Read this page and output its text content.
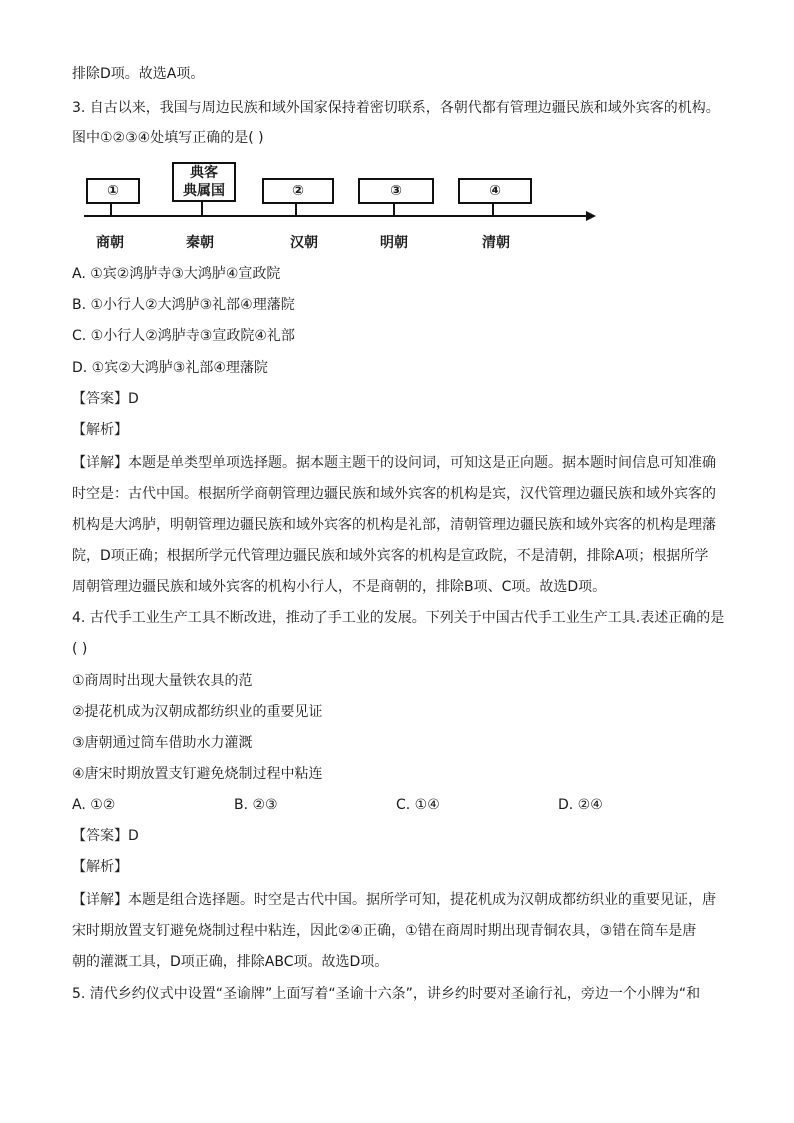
排除D项。故选A项。
3. 自古以来，我国与周边民族和域外国家保持着密切联系，各朝代都有管理边疆民族和域外宾客的机构。
图中①②③④处填写正确的是( )
①
典客
典属国	②	③	④
商朝	秦朝	汉朝	明朝	清朝
A. ①宾②鸿胪寺③大鸿胪④宣政院
B. ①小行人②大鸿胪③礼部④理藩院
C. ①小行人②鸿胪寺③宣政院④礼部
D. ①宾②大鸿胪③礼部④理藩院
【答案】D
【解析】
【详解】本题是单类型单项选择题。据本题主题干的设问词，可知这是正向题。据本题时间信息可知准确
时空是：古代中国。根据所学商朝管理边疆民族和域外宾客的机构是宾，汉代管理边疆民族和域外宾客的
机构是大鸿胪，明朝管理边疆民族和域外宾客的机构是礼部，清朝管理边疆民族和域外宾客的机构是理藩
院，D项正确；根据所学元代管理边疆民族和域外宾客的机构是宣政院，不是清朝，排除A项；根据所学
周朝管理边疆民族和域外宾客的机构小行人，不是商朝的，排除B项、C项。故选D项。
4. 古代手工业生产工具不断改进，推动了手工业的发展。下列关于中国古代手工业生产工具.表述正确的是
( )
①商周时出现大量铁农具的范
②提花机成为汉朝成都纺织业的重要见证
③唐朝通过筒车借助水力灌溉
④唐宋时期放置支钉避免烧制过程中粘连
A. ①②	B. ②③	C. ①④	D. ②④
【答案】D
【解析】
【详解】本题是组合选择题。时空是古代中国。据所学可知，提花机成为汉朝成都纺织业的重要见证，唐
宋时期放置支钉避免烧制过程中粘连，因此②④正确，①错在商周时期出现青铜农具，③错在筒车是唐
朝的灌溉工具，D项正确，排除ABC项。故选D项。
5. 清代乡约仪式中设置“圣谕牌”上面写着“圣谕十六条”，讲乡约时要对圣谕行礼，旁边一个小牌为“和
